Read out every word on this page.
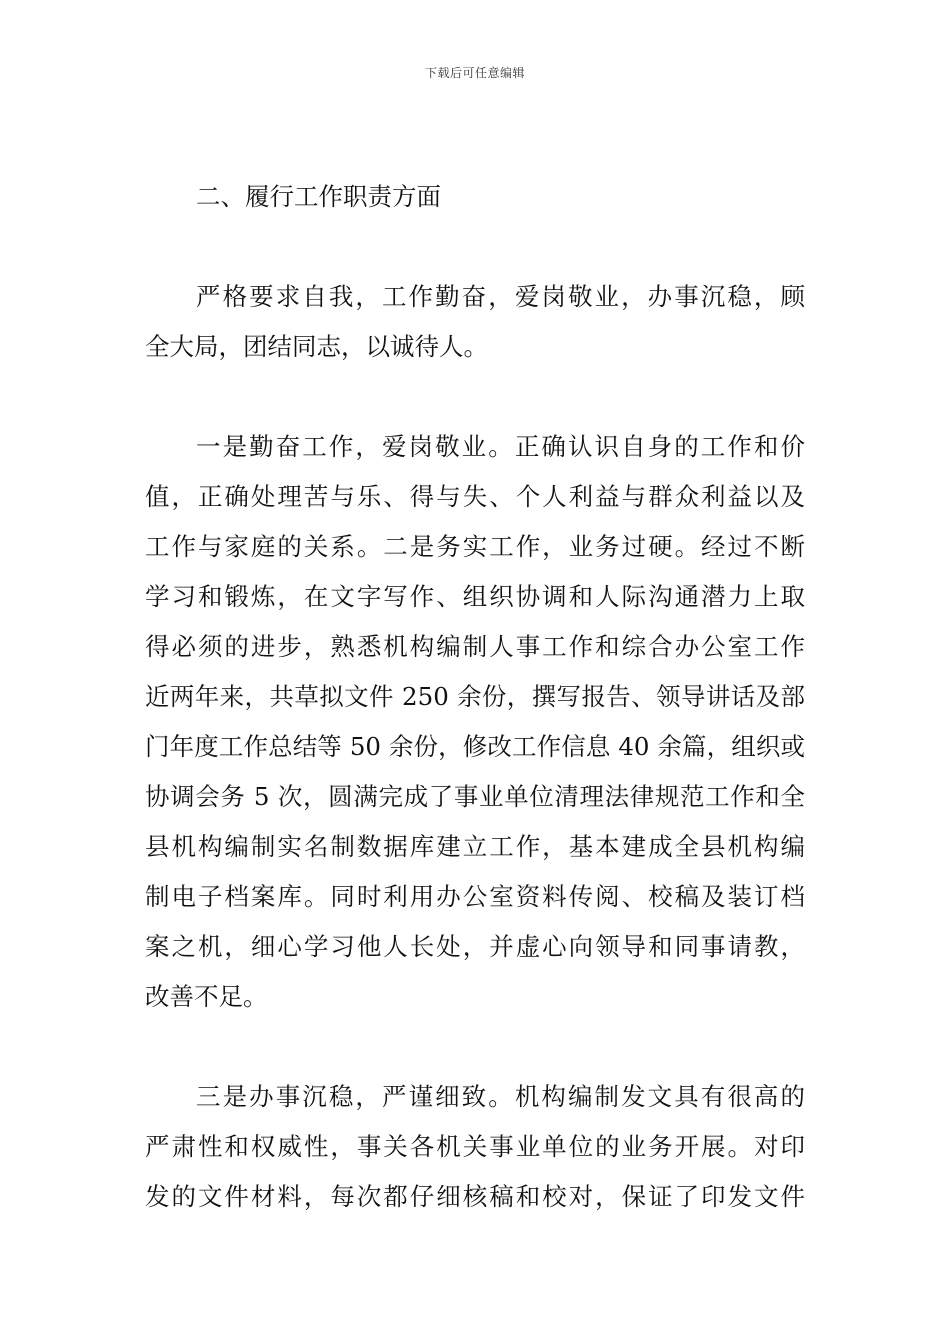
下载后可任意编辑
二、履行工作职责方面
严格要求自我，工作勤奋，爱岗敬业，办事沉稳，顾
全大局，团结同志，以诚待人。
一是勤奋工作，爱岗敬业。正确认识自身的工作和价
值，正确处理苦与乐、得与失、个人利益与群众利益以及
工作与家庭的关系。二是务实工作，业务过硬。经过不断
学习和锻炼，在文字写作、组织协调和人际沟通潜力上取
得必须的进步，熟悉机构编制人事工作和综合办公室工作
近两年来，共草拟文件 250 余份，撰写报告、领导讲话及部
门年度工作总结等 50 余份，修改工作信息 40 余篇，组织或
协调会务 5 次，圆满完成了事业单位清理法律规范工作和全
县机构编制实名制数据库建立工作，基本建成全县机构编
制电子档案库。同时利用办公室资料传阅、校稿及装订档
案之机，细心学习他人长处，并虚心向领导和同事请教，
改善不足。
三是办事沉稳，严谨细致。机构编制发文具有很高的
严肃性和权威性，事关各机关事业单位的业务开展。对印
发的文件材料，每次都仔细核稿和校对，保证了印发文件
